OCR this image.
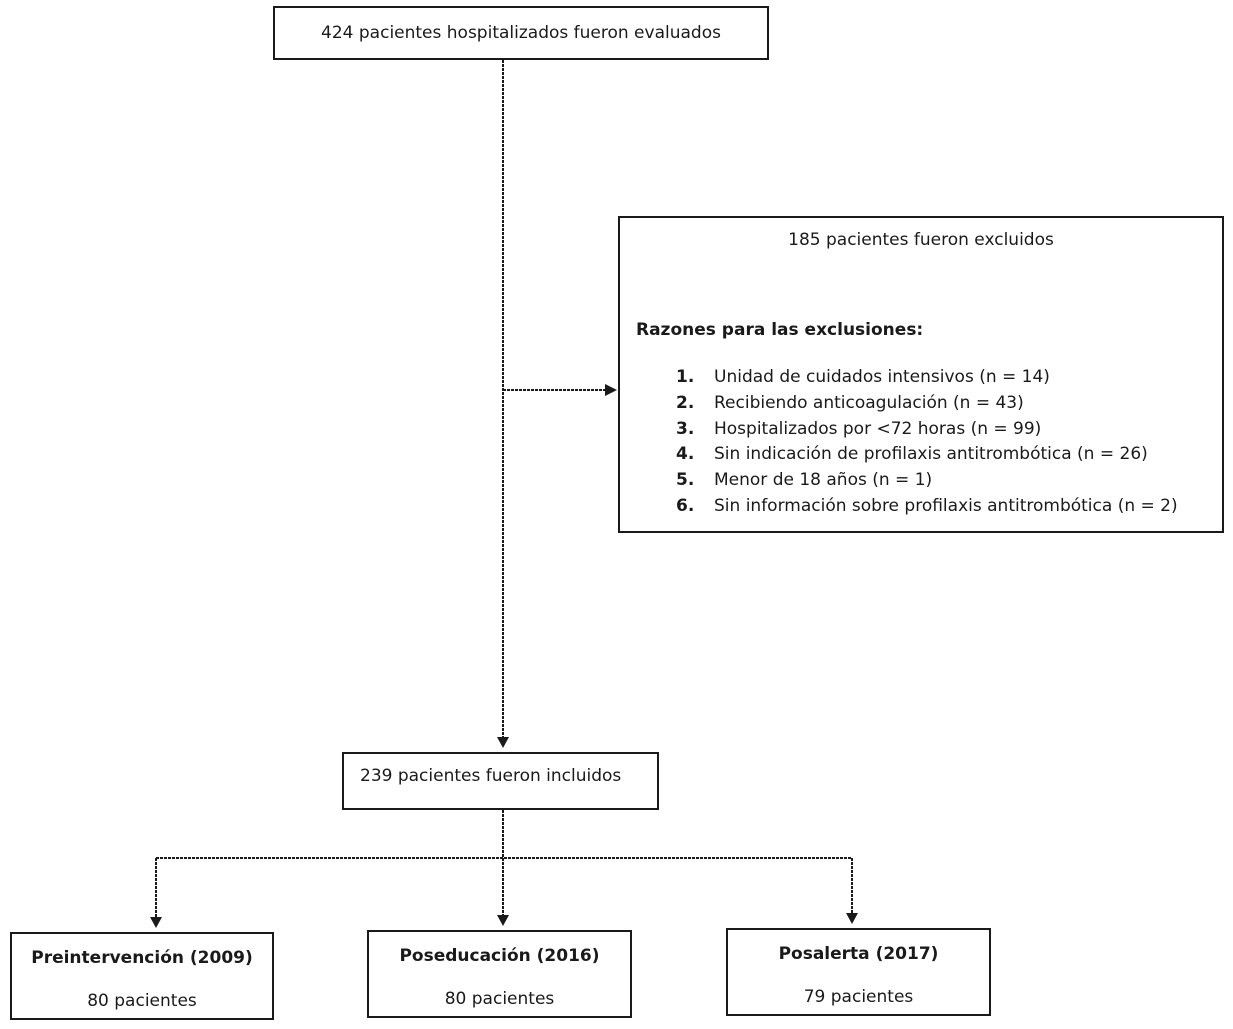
424 pacientes hospitalizados fueron evaluados
185 pacientes fueron excluidos
Razones para las exclusiones:
1. Unidad de cuidados intensivos (n = 14)
2. Recibiendo anticoagulación (n = 43)
3. Hospitalizados por <72 horas (n = 99)
4. Sin indicación de profilaxis antitrombótica (n = 26)
5. Menor de 18 años (n = 1)
6. Sin información sobre profilaxis antitrombótica (n = 2)
239 pacientes fueron incluidos
Preintervención (2009)
80 pacientes
Poseducación (2016)
80 pacientes
Posalerta (2017)
79 pacientes
